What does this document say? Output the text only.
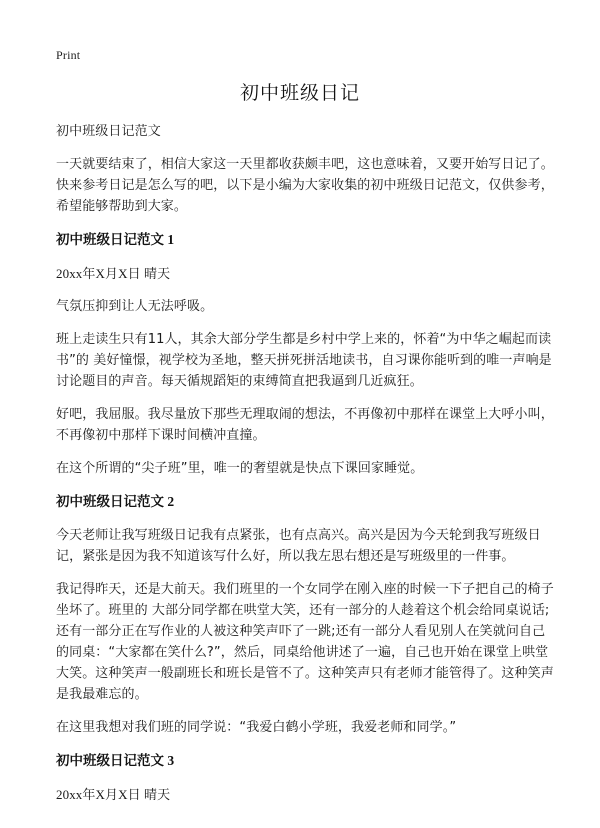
Print
初中班级日记

初中班级日记范文

一天就要结束了，相信大家这一天里都收获颇丰吧，这也意味着，又要开始写日记了。快来参考日记是怎么写的吧，以下是小编为大家收集的初中班级日记范文，仅供参考，希望能够帮助到大家。

初中班级日记范文 1

20xx年X月X日 晴天

气氛压抑到让人无法呼吸。

班上走读生只有11人，其余大部分学生都是乡村中学上来的，怀着“为中华之崛起而读书”的 美好憧憬，视学校为圣地，整天拼死拼活地读书，自习课你能听到的唯一声响是讨论题目的声音。每天循规蹈矩的束缚简直把我逼到几近疯狂。

好吧，我屈服。我尽量放下那些无理取闹的想法，不再像初中那样在课堂上大呼小叫，不再像初中那样下课时间横冲直撞。

在这个所谓的“尖子班”里，唯一的奢望就是快点下课回家睡觉。

初中班级日记范文 2

今天老师让我写班级日记我有点紧张，也有点高兴。高兴是因为今天轮到我写班级日记，紧张是因为我不知道该写什么好，所以我左思右想还是写班级里的一件事。

我记得昨天，还是大前天。我们班里的一个女同学在刚入座的时候一下子把自己的椅子坐坏了。班里的 大部分同学都在哄堂大笑，还有一部分的人趁着这个机会给同桌说话;还有一部分正在写作业的人被这种笑声吓了一跳;还有一部分人看见别人在笑就问自己的同桌：“大家都在笑什么?”，然后，同桌给他讲述了一遍，自己也开始在课堂上哄堂大笑。这种笑声一般副班长和班长是管不了。这种笑声只有老师才能管得了。这种笑声是我最难忘的。

在这里我想对我们班的同学说：“我爱白鹤小学班，我爱老师和同学。”

初中班级日记范文 3

20xx年X月X日 晴天
